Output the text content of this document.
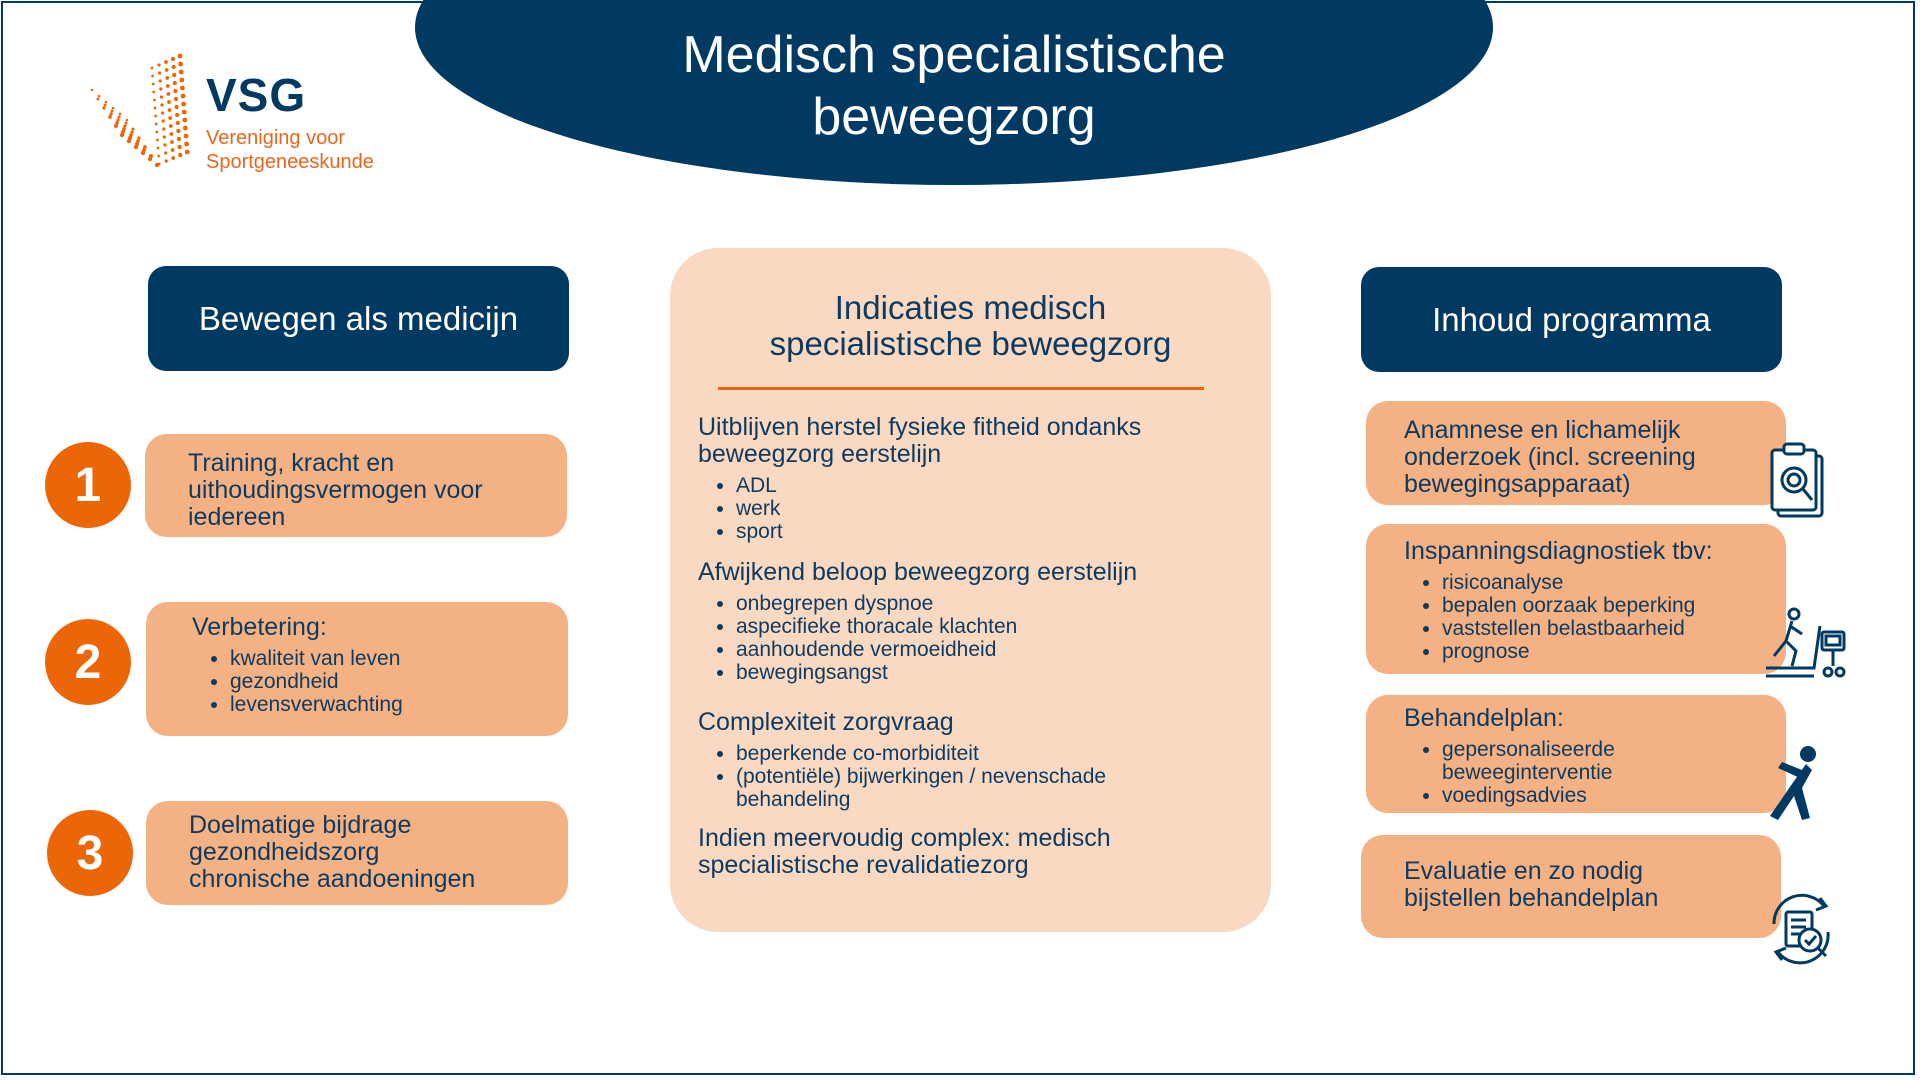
Medisch specialistische
beweegzorg
VSG
Vereniging voor
Sportgeneeskunde
Bewegen als medicijn
1	Training, kracht en
uithoudingsvermogen voor
iedereen
2
Verbetering:
• kwaliteit van leven
• gezondheid
• levensverwachting
3
Doelmatige bijdrage
gezondheidszorg
chronische aandoeningen
Indicaties medisch
specialistische beweegzorg
Uitblijven herstel fysieke fitheid ondanks
beweegzorg eerstelijn
• ADL
• werk
• sport
Afwijkend beloop beweegzorg eerstelijn
• onbegrepen dyspnoe
• aspecifieke thoracale klachten
• aanhoudende vermoeidheid
• bewegingsangst
Complexiteit zorgvraag
• beperkende co-morbiditeit
• (potentiële) bijwerkingen / nevenschade behandeling
Indien meervoudig complex: medisch
specialistische revalidatiezorg
Inhoud programma
Anamnese en lichamelijk
onderzoek (incl. screening
bewegingsapparaat)
Inspanningsdiagnostiek tbv:
• risicoanalyse
• bepalen oorzaak beperking
• vaststellen belastbaarheid
• prognose
Behandelplan:
• gepersonaliseerde beweeginterventie
• voedingsadvies
Evaluatie en zo nodig
bijstellen behandelplan
